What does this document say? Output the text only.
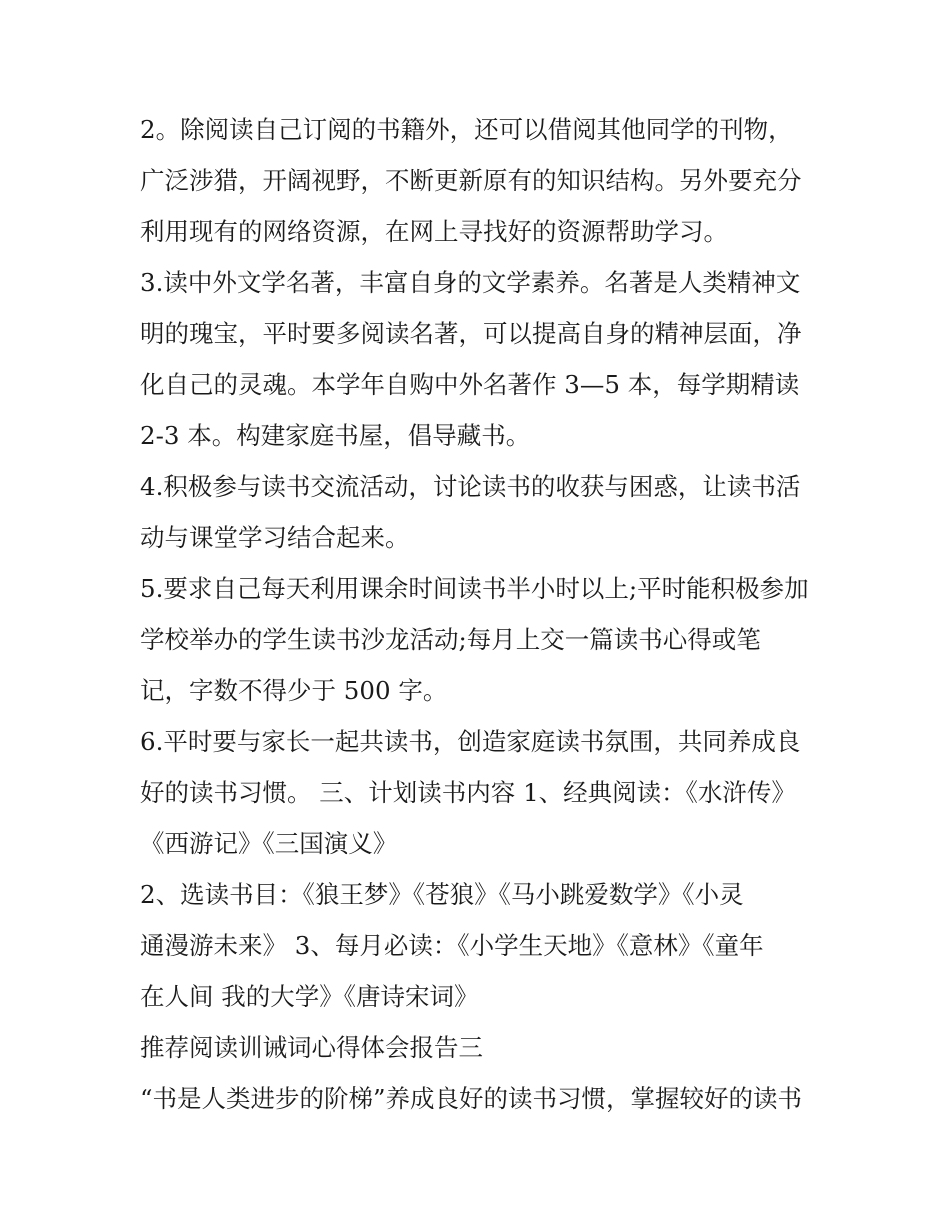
2。除阅读自己订阅的书籍外，还可以借阅其他同学的刊物，
广泛涉猎，开阔视野，不断更新原有的知识结构。另外要充分
利用现有的网络资源，在网上寻找好的资源帮助学习。
3.读中外文学名著，丰富自身的文学素养。名著是人类精神文
明的瑰宝，平时要多阅读名著，可以提高自身的精神层面，净
化自己的灵魂。本学年自购中外名著作 3—5 本，每学期精读
2-3 本。构建家庭书屋，倡导藏书。
4.积极参与读书交流活动，讨论读书的收获与困惑，让读书活
动与课堂学习结合起来。
5.要求自己每天利用课余时间读书半小时以上;平时能积极参加
学校举办的学生读书沙龙活动;每月上交一篇读书心得或笔
记，字数不得少于 500 字。
6.平时要与家长一起共读书，创造家庭读书氛围，共同养成良
好的读书习惯。 三、计划读书内容 1、经典阅读：《水浒传》
《西游记》《三国演义》
2、选读书目：《狼王梦》《苍狼》《马小跳爱数学》《小灵
通漫游未来》 3、每月必读：《小学生天地》《意林》《童年
在人间 我的大学》《唐诗宋词》
推荐阅读训诫词心得体会报告三
“书是人类进步的阶梯”养成良好的读书习惯，掌握较好的读书
